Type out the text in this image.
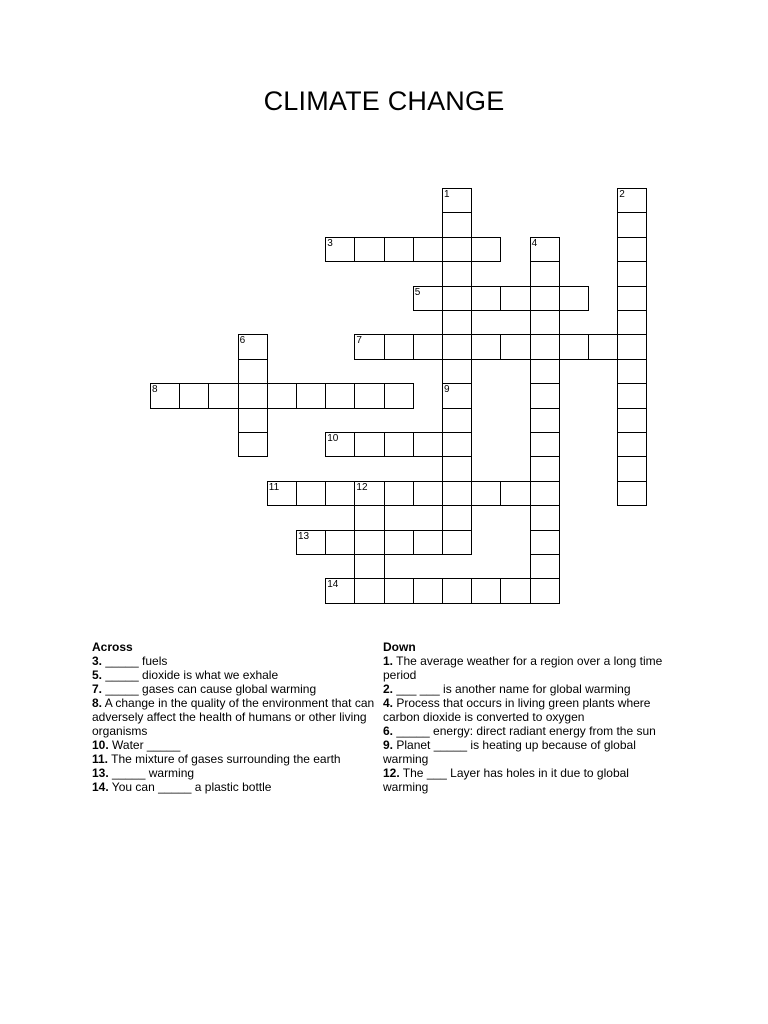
CLIMATE CHANGE
1
9
2
3	4
5
6	7
8
10
11	12
13
14
Across
3. _____ fuels
5. _____ dioxide is what we exhale
7. _____ gases can cause global warming
8. A change in the quality of the environment that can adversely affect the health of humans or other living organisms
10. Water _____
11. The mixture of gases surrounding the earth
13. _____ warming
14. You can _____ a plastic bottle
Down
1. The average weather for a region over a long time period
2. ___ ___ is another name for global warming
4. Process that occurs in living green plants where carbon dioxide is converted to oxygen
6. _____ energy: direct radiant energy from the sun
9. Planet _____ is heating up because of global warming
12. The ___ Layer has holes in it due to global warming
